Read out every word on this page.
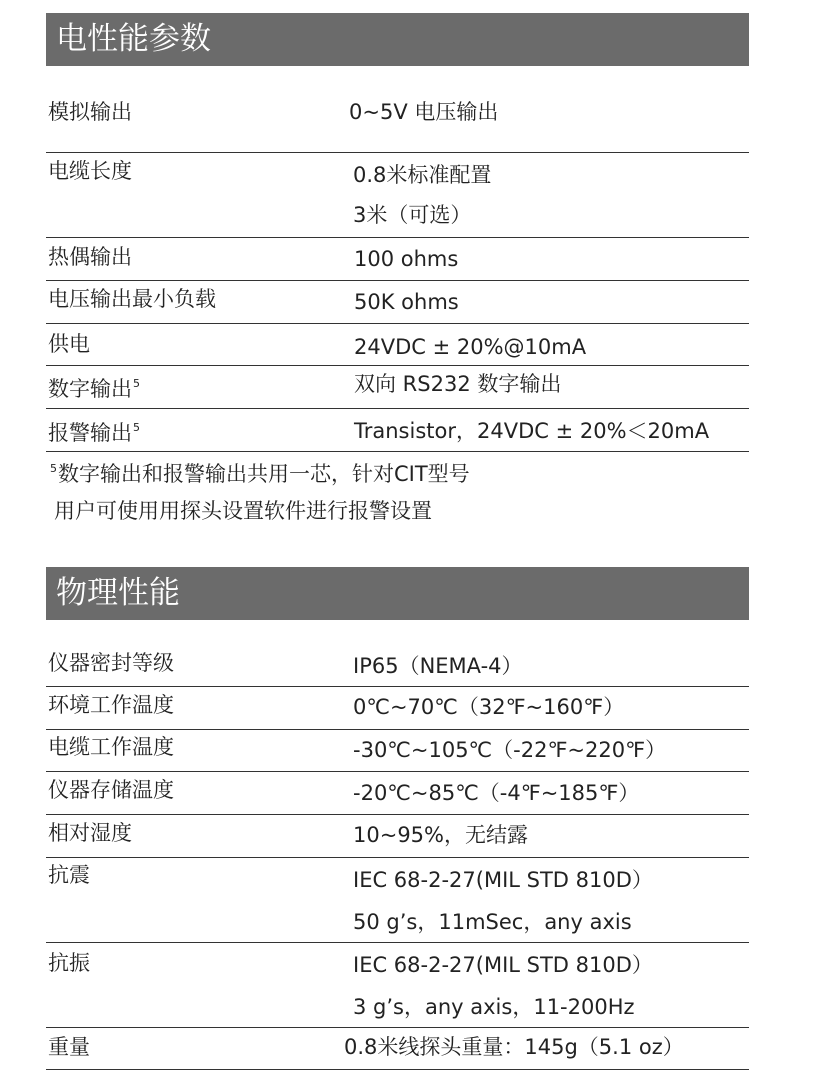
电性能参数
模拟输出	0~5V 电压输出
电缆长度	0.8米标准配置
3米（可选）
热偶输出	100 ohms
电压输出最小负载	50K ohms
供电	24VDC ± 20%@10mA
数字输出$^5$	双向 RS232 数字输出
报警输出$^5$	Transistor，24VDC ± 20%＜20mA
$^5$数字输出和报警输出共用一芯，针对CIT型号
用户可使用用探头设置软件进行报警设置
物理性能
仪器密封等级	IP65（NEMA-4）
环境工作温度	0℃~70℃（32℉~160℉）
电缆工作温度	-30℃~105℃（-22℉~220℉）
仪器存储温度	-20℃~85℃（-4℉~185℉）
相对湿度	10~95%，无结露
抗震	IEC 68-2-27(MIL STD 810D）
50 g’s，11mSec，any axis
抗振	IEC 68-2-27(MIL STD 810D）
3 g’s，any axis，11-200Hz
重量	0.8米线探头重量：145g（5.1 oz）
